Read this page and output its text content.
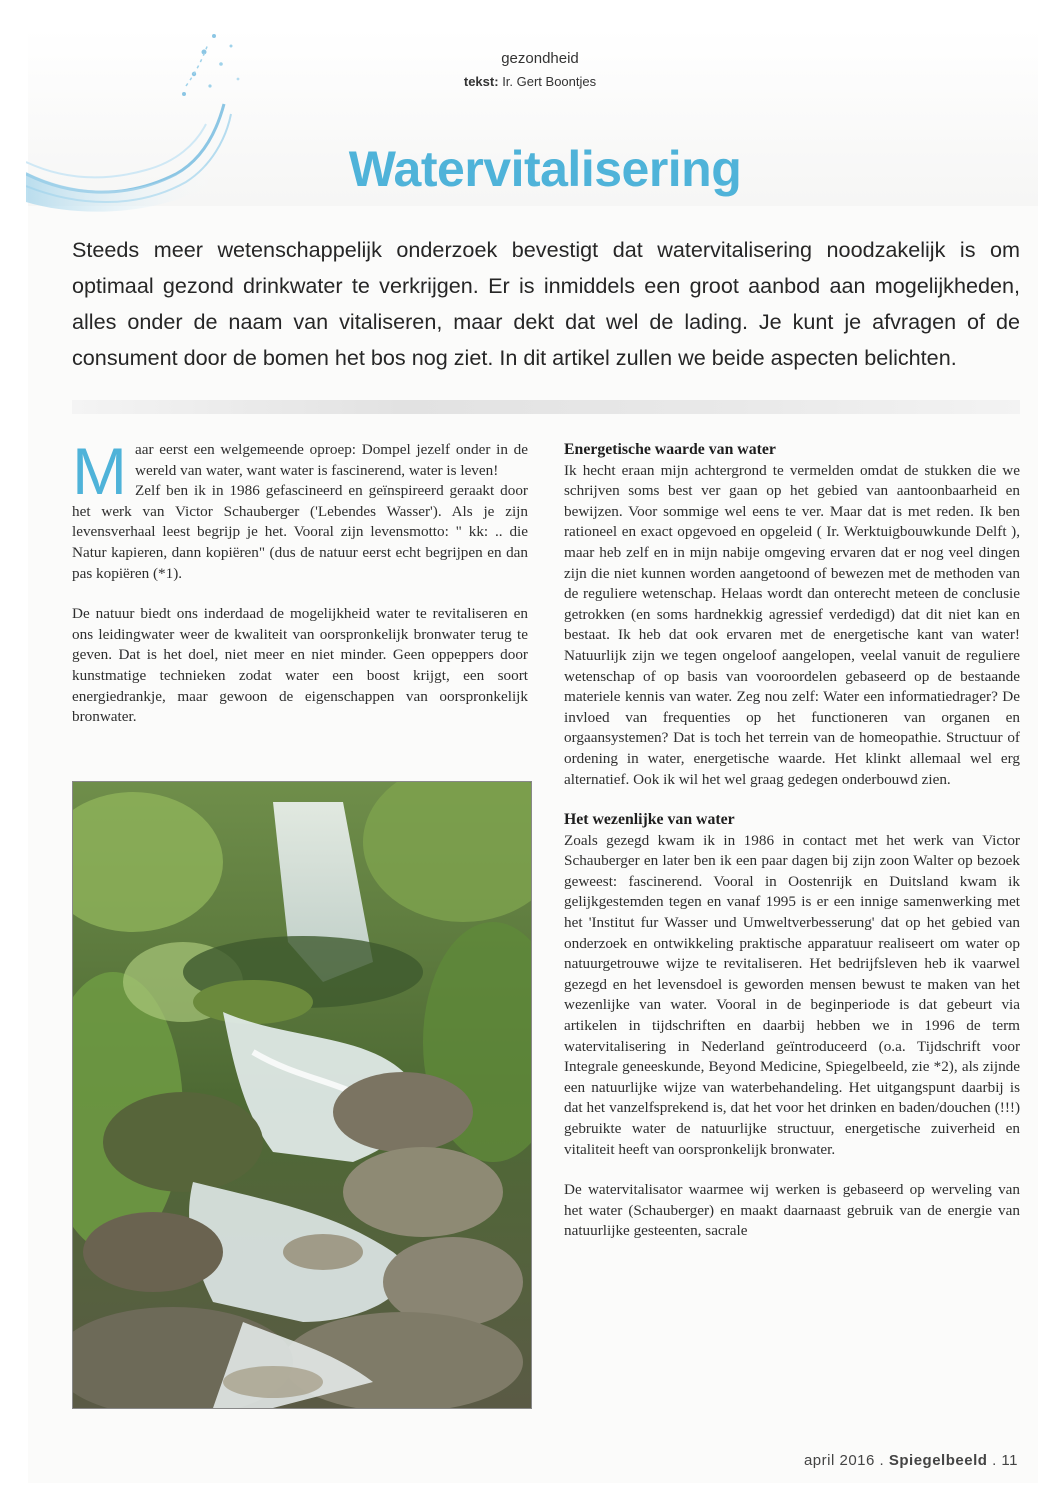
gezondheid
tekst: Ir. Gert Boontjes
Watervitalisering
Steeds meer wetenschappelijk onderzoek bevestigt dat watervitalisering noodzakelijk is om optimaal gezond drinkwater te verkrijgen. Er is inmiddels een groot aanbod aan mogelijkheden, alles onder de naam van vitaliseren, maar dekt dat wel de lading. Je kunt je afvragen of de consument door de bomen het bos nog ziet. In dit artikel zullen we beide aspecten belichten.

M aar eerst een welgemeende oproep: Dompel jezelf onder in de wereld van water, want water is fascinerend, water is leven!

Zelf ben ik in 1986 gefascineerd en geïnspireerd geraakt door het werk van Victor Schauberger ('Lebendes Wasser'). Als je zijn levensverhaal leest begrijp je het. Vooral zijn levensmotto: " kk: .. die Natur kapieren, dann kopiëren" (dus de natuur eerst echt begrijpen en dan pas kopiëren (*1).

De natuur biedt ons inderdaad de mogelijkheid water te revitaliseren en ons leidingwater weer de kwaliteit van oorspronkelijk bronwater terug te geven. Dat is het doel, niet meer en niet minder. Geen oppeppers door kunstmatige technieken zodat water een boost krijgt, een soort energiedrankje, maar gewoon de eigenschappen van oorspronkelijk bronwater.

Energetische waarde van water

Ik hecht eraan mijn achtergrond te vermelden omdat de stukken die we schrijven soms best ver gaan op het gebied van aantoonbaarheid en bewijzen. Voor sommige wel eens te ver. Maar dat is met reden. Ik ben rationeel en exact opgevoed en opgeleid ( Ir. Werktuigbouwkunde Delft ), maar heb zelf en in mijn nabije omgeving ervaren dat er nog veel dingen zijn die niet kunnen worden aangetoond of bewezen met de methoden van de reguliere wetenschap. Helaas wordt dan onterecht meteen de conclusie getrokken (en soms hardnekkig agressief verdedigd) dat dit niet kan en bestaat. Ik heb dat ook ervaren met de energetische kant van water! Natuurlijk zijn we tegen ongeloof aangelopen, veelal vanuit de reguliere wetenschap of op basis van vooroordelen gebaseerd op de bestaande materiele kennis van water. Zeg nou zelf: Water een informatiedrager? De invloed van frequenties op het functioneren van organen en orgaansystemen? Dat is toch het terrein van de homeopathie. Structuur of ordening in water, energetische waarde. Het klinkt allemaal wel erg alternatief. Ook ik wil het wel graag gedegen onderbouwd zien.

Het wezenlijke van water

Zoals gezegd kwam ik in 1986 in contact met het werk van Victor Schauberger en later ben ik een paar dagen bij zijn zoon Walter op bezoek geweest: fascinerend. Vooral in Oostenrijk en Duitsland kwam ik gelijkgestemden tegen en vanaf 1995 is er een innige samenwerking met het 'Institut fur Wasser und Umweltverbesserung' dat op het gebied van onderzoek en ontwikkeling praktische apparatuur realiseert om water op natuurgetrouwe wijze te revitaliseren. Het bedrijfsleven heb ik vaarwel gezegd en het levensdoel is geworden mensen bewust te maken van het wezenlijke van water. Vooral in de beginperiode is dat gebeurt via artikelen in tijdschriften en daarbij hebben we in 1996 de term watervitalisering in Nederland geïntroduceerd (o.a. Tijdschrift voor Integrale geneeskunde, Beyond Medicine, Spiegelbeeld, zie *2), als zijnde een natuurlijke wijze van waterbehandeling. Het uitgangspunt daarbij is dat het vanzelfsprekend is, dat het voor het drinken en baden/douchen (!!!) gebruikte water de natuurlijke structuur, energetische zuiverheid en vitaliteit heeft van oorspronkelijk bronwater.

De watervitalisator waarmee wij werken is gebaseerd op werveling van het water (Schauberger) en maakt daarnaast gebruik van de energie van natuurlijke gesteenten, sacrale

april 2016 . Spiegelbeeld . 11
